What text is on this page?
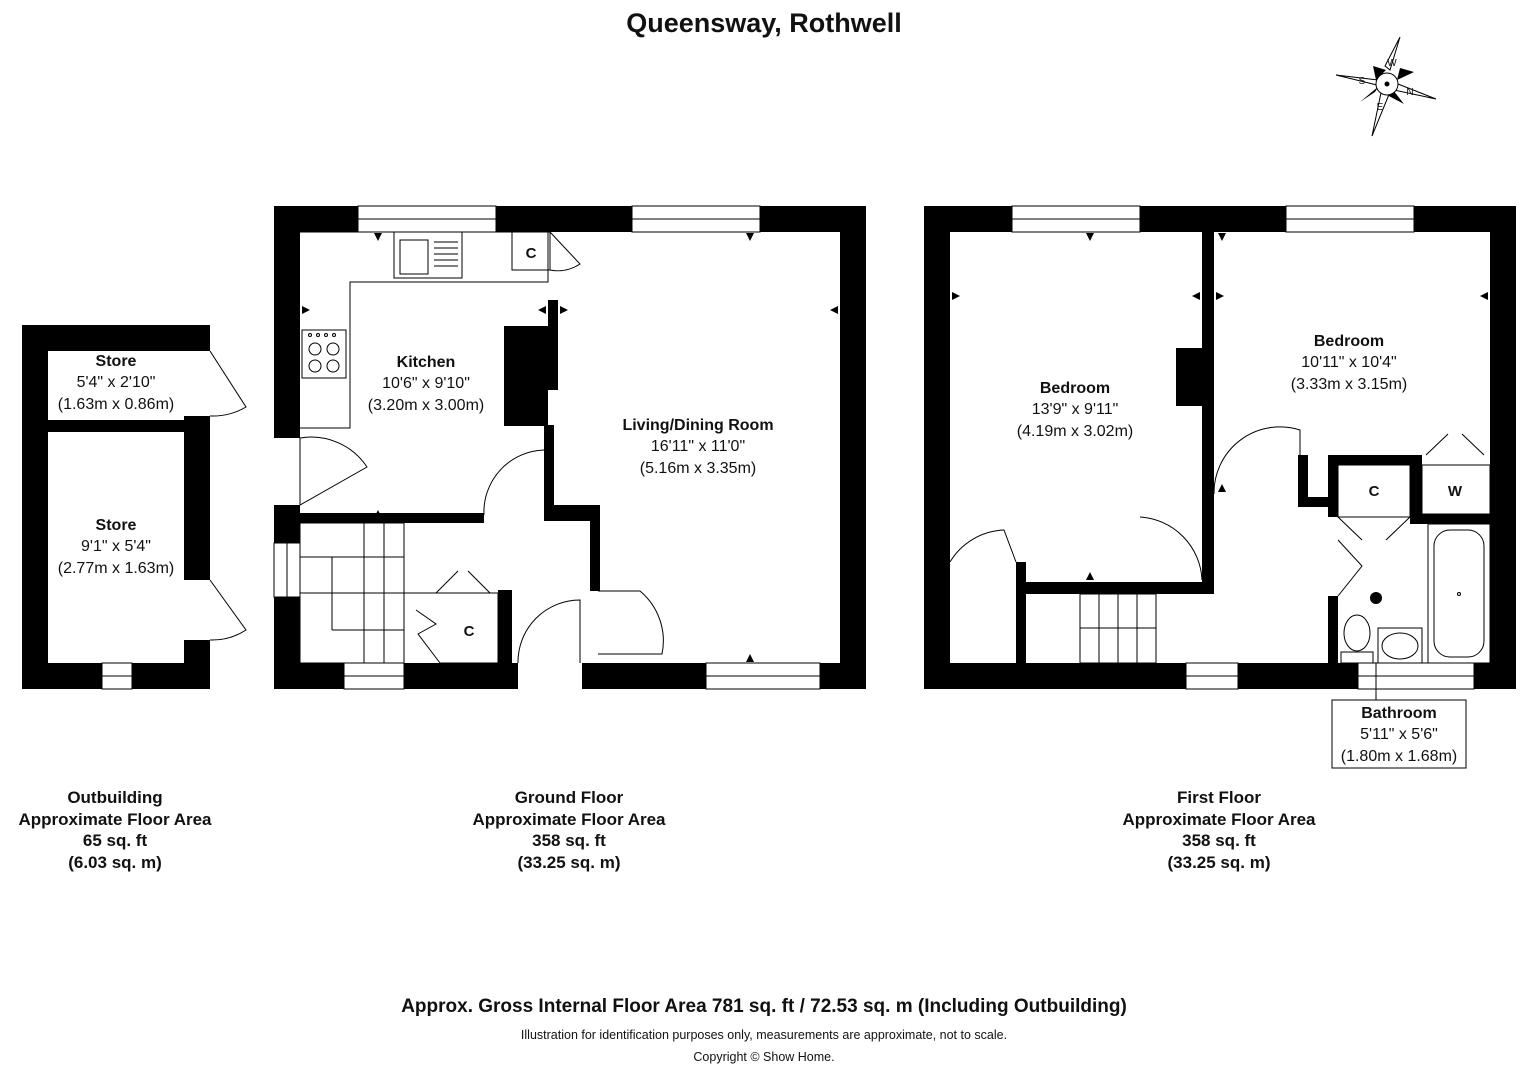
Queensway, Rothwell
W
N
E
S
C
C
C	W
Store
5'4" x 2'10"
(1.63m x 0.86m)
Store
9'1" x 5'4"
(2.77m x 1.63m)
Kitchen
10'6" x 9'10"
(3.20m x 3.00m)
Living/Dining Room
16'11" x 11'0"
(5.16m x 3.35m)
Bedroom
13'9" x 9'11"
(4.19m x 3.02m)
Bedroom
10'11" x 10'4"
(3.33m x 3.15m)
Bathroom
5'11" x 5'6"
(1.80m x 1.68m)
Outbuilding
Approximate Floor Area
65 sq. ft
(6.03 sq. m)
Ground Floor
Approximate Floor Area
358 sq. ft
(33.25 sq. m)
First Floor
Approximate Floor Area
358 sq. ft
(33.25 sq. m)
Approx. Gross Internal Floor Area 781 sq. ft / 72.53 sq. m (Including Outbuilding)
Illustration for identification purposes only, measurements are approximate, not to scale.
Copyright © Show Home.
